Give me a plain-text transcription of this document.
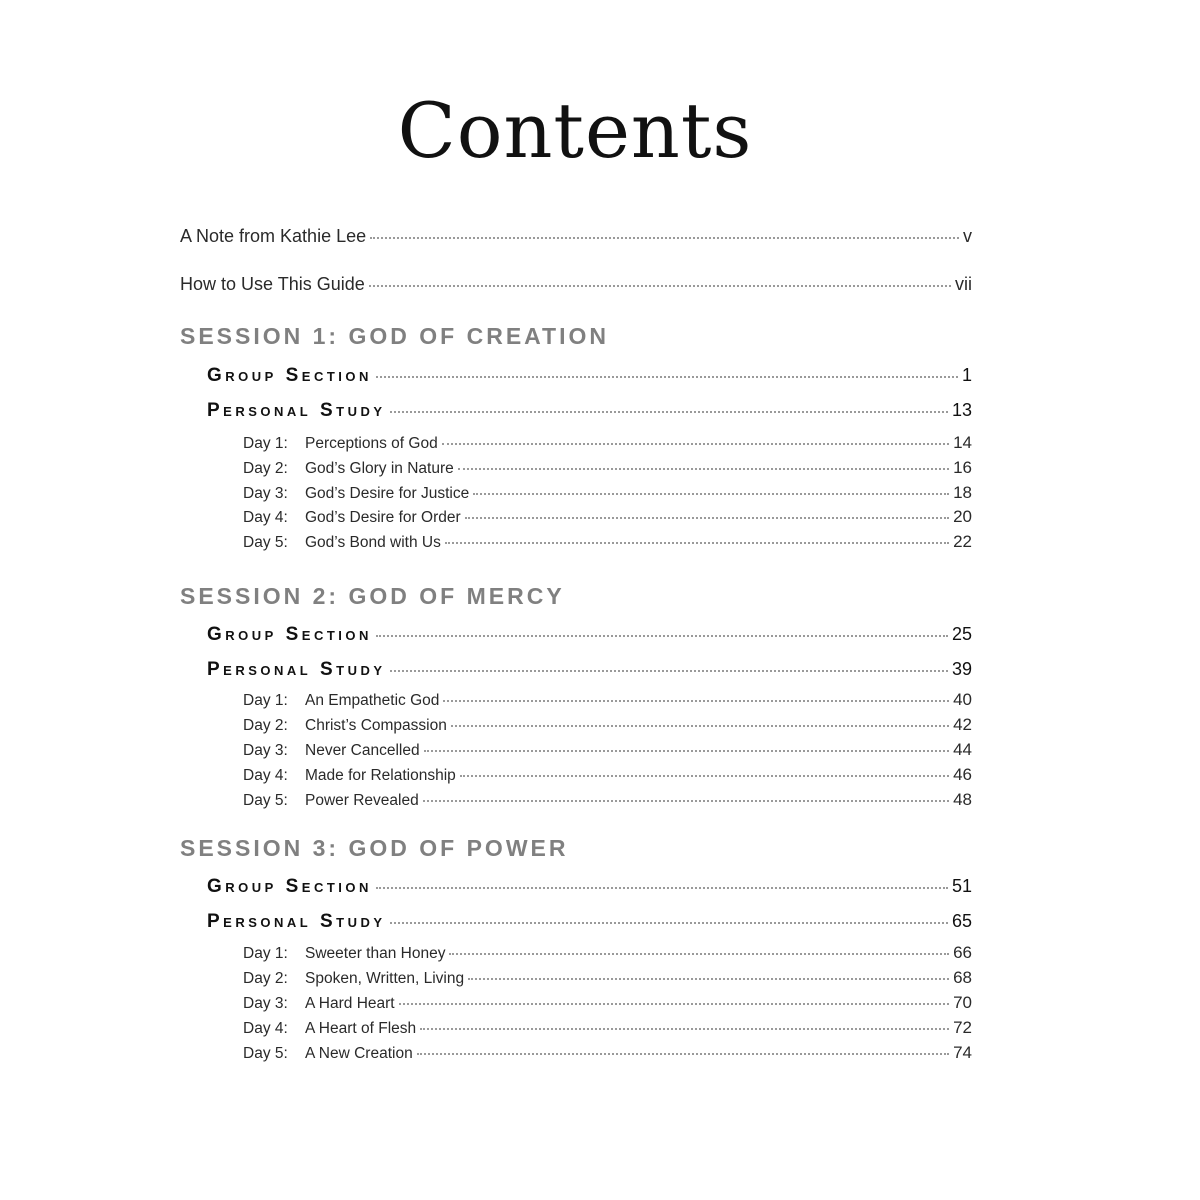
Contents
A Note from Kathie Lee	v
How to Use This Guide	vii
SESSION 1: GOD OF CREATION
Group Section	1
Personal Study	13
Day 1: Perceptions of God	14
Day 2: God’s Glory in Nature	16
Day 3: God’s Desire for Justice	18
Day 4: God’s Desire for Order	20
Day 5: God’s Bond with Us	22
SESSION 2: GOD OF MERCY
Group Section	25
Personal Study	39
Day 1: An Empathetic God	40
Day 2: Christ’s Compassion	42
Day 3: Never Cancelled	44
Day 4: Made for Relationship	46
Day 5: Power Revealed	48
SESSION 3: GOD OF POWER
Group Section	51
Personal Study	65
Day 1: Sweeter than Honey	66
Day 2: Spoken, Written, Living	68
Day 3: A Hard Heart	70
Day 4: A Heart of Flesh	72
Day 5: A New Creation	74
